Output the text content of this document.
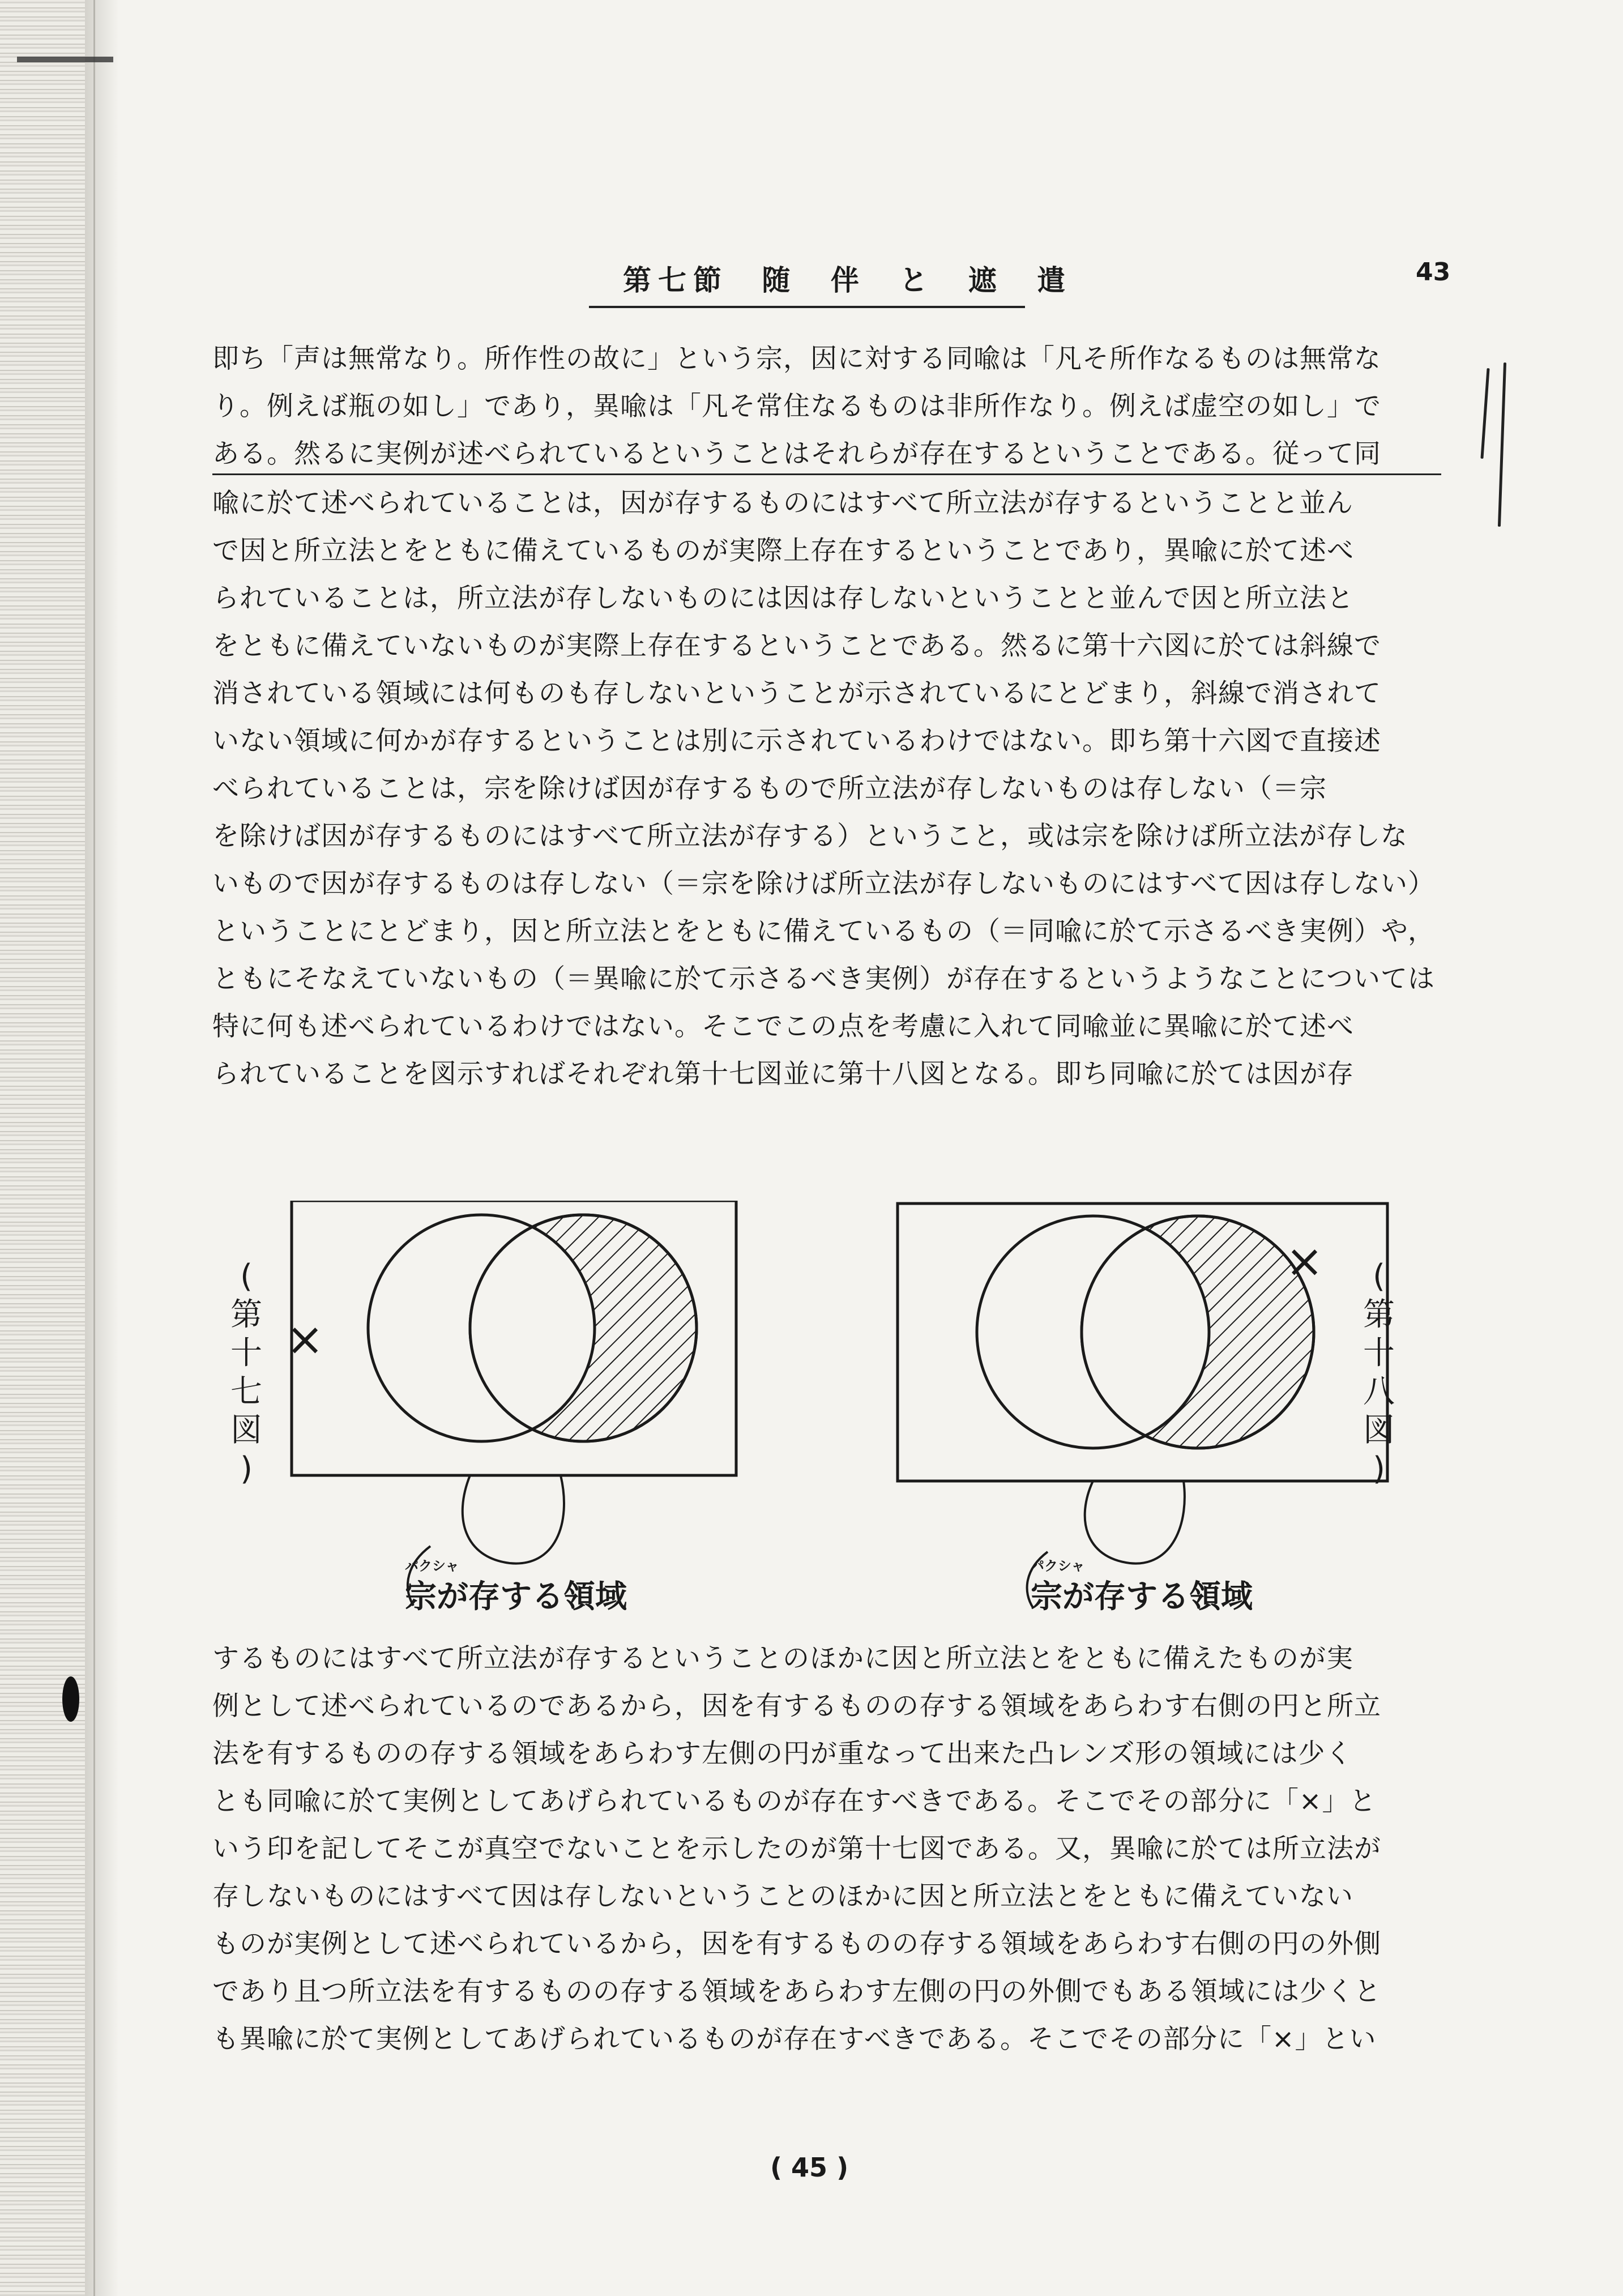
第七節 随 伴 と 遮 遣	43
即ち「声は無常なり。所作性の故に」という宗，因に対する同喩は「凡そ所作なるものは無常な
り。例えば瓶の如し」であり，異喩は「凡そ常住なるものは非所作なり。例えば虚空の如し」で
ある。然るに実例が述べられているということはそれらが存在するということである。従って同
喩に於て述べられていることは，因が存するものにはすべて所立法が存するということと並ん
で因と所立法とをともに備えているものが実際上存在するということであり，異喩に於て述べ
られていることは，所立法が存しないものには因は存しないということと並んで因と所立法と
をともに備えていないものが実際上存在するということである。然るに第十六図に於ては斜線で
消されている領域には何ものも存しないということが示されているにとどまり，斜線で消されて
いない領域に何かが存するということは別に示されているわけではない。即ち第十六図で直接述
べられていることは，宗を除けば因が存するもので所立法が存しないものは存しない（＝宗
を除けば因が存するものにはすべて所立法が存する）ということ，或は宗を除けば所立法が存しな
いもので因が存するものは存しない（＝宗を除けば所立法が存しないものにはすべて因は存しない）
ということにとどまり，因と所立法とをともに備えているもの（＝同喩に於て示さるべき実例）や，
ともにそなえていないもの（＝異喩に於て示さるべき実例）が存在するというようなことについては
特に何も述べられているわけではない。そこでこの点を考慮に入れて同喩並に異喩に於て述べ
られていることを図示すればそれぞれ第十七図並に第十八図となる。即ち同喩に於ては因が存
×
×
(
第
十
七
図
)
(
第
十
八
図
)
パクシャ
宗が存する領域
パクシャ
宗が存する領域
するものにはすべて所立法が存するということのほかに因と所立法とをともに備えたものが実
例として述べられているのであるから，因を有するものの存する領域をあらわす右側の円と所立
法を有するものの存する領域をあらわす左側の円が重なって出来た凸レンズ形の領域には少く
とも同喩に於て実例としてあげられているものが存在すべきである。そこでその部分に「×」と
いう印を記してそこが真空でないことを示したのが第十七図である。又，異喩に於ては所立法が
存しないものにはすべて因は存しないということのほかに因と所立法とをともに備えていない
ものが実例として述べられているから，因を有するものの存する領域をあらわす右側の円の外側
であり且つ所立法を有するものの存する領域をあらわす左側の円の外側でもある領域には少くと
も異喩に於て実例としてあげられているものが存在すべきである。そこでその部分に「×」とい
( 45 )
